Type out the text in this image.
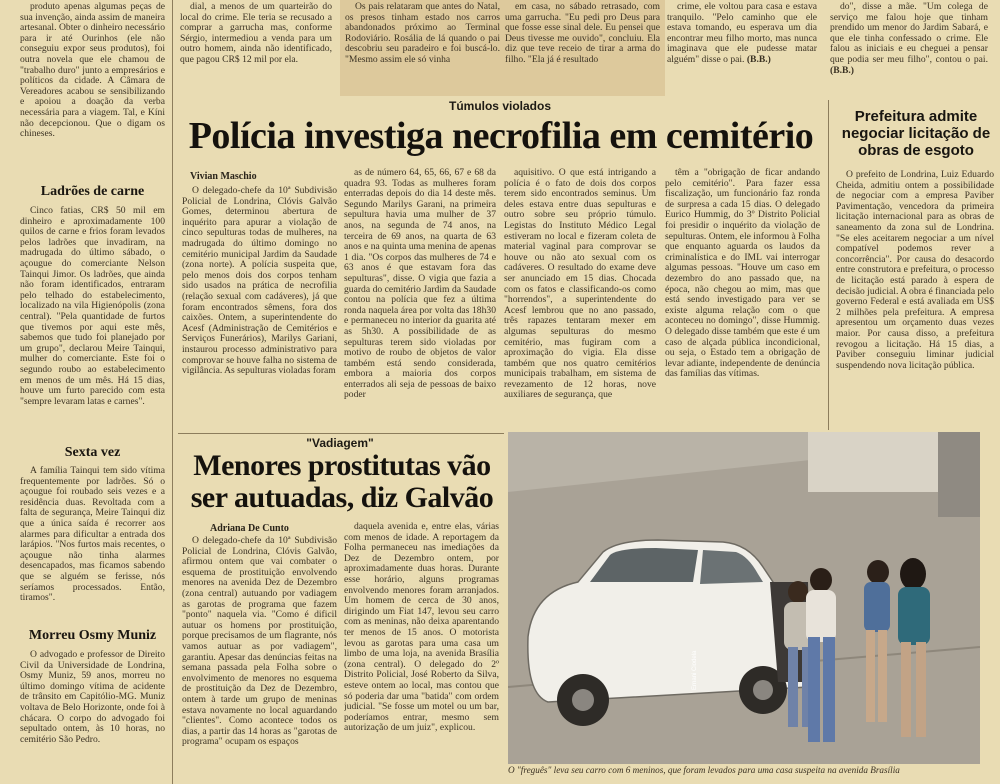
dial, a menos de um quarteirão do local do crime. Ele teria se recusado a comprar a garrucha mas, conforme Sérgio, intermediou a venda para um outro homem, ainda não identificado, que pagou CR$ 12 mil por ela.

Os pais relataram que antes do Natal, os presos tinham estado nos carros abandonados próximo ao Terminal Rodoviário. Rosália de lá quando o pai descobriu seu paradeiro e foi buscá-lo. "Mesmo assim ele só vinha

em casa, no sábado retrasado, com uma garrucha. "Eu pedi pro Deus para que fosse esse sinal dele. Eu pensei que Deus tivesse me ouvido", concluiu. Ela diz que teve receio de tirar a arma do filho. "Ela já é resultado

crime, ele voltou para casa e estava tranquilo. "Pelo caminho que ele estava tomando, eu esperava um dia encontrar meu filho morto, mas nunca imaginava que ele pudesse matar alguém" disse o pai. (B.B.)

do", disse a mãe. "Um colega de serviço me falou hoje que tinham prendido um menor do Jardim Sabará, e que ele tinha confessado o crime. Ele falou as iniciais e eu cheguei a pensar que podia ser meu filho", contou o pai. (B.B.)

produto apenas algumas peças de sua invenção, ainda assim de maneira artesanal. Obter o dinheiro necessário para ir até Ourinhos (ele não conseguiu expor seus produtos), foi outra novela que ele chamou de "trabalho duro" junto a empresários e políticos da cidade. A Câmara de Vereadores acabou se sensibilizando e apoiou a doação da verba necessária para a viagem. Tal, e Kíni não decepcionou. Que o digam os chineses.

Ladrões de carne

Cinco fatias, CR$ 50 mil em dinheiro e aproximadamente 100 quilos de carne e frios foram levados pelos ladrões que invadiram, na madrugada do último sábado, o açougue do comerciante Nelson Tainqui Jimor. Os ladrões, que ainda não foram identificados, entraram pelo telhado do estabelecimento, localizado na vila Higienópolis (zona central). "Pela quantidade de furtos que tivemos por aqui este mês, sabemos que tudo foi planejado por um grupo", declarou Meire Tainqui, mulher do comerciante. Este foi o segundo roubo ao estabelecimento em menos de um mês. Há 15 dias, houve um furto parecido com esta "sempre levaram latas e carnes".

Sexta vez

A família Tainqui tem sido vítima frequentemente por ladrões. Só o açougue foi roubado seis vezes e a residência duas. Revoltada com a falta de segurança, Meire Tainqui diz que a única saída é recorrer aos alarmes para dificultar a entrada dos larápios. "Nos furtos mais recentes, o açougue não tinha alarmes desencapados, mas ficamos sabendo que se alguém se ferisse, nós seríamos processados. Então, tiramos".

Morreu Osmy Muniz

O advogado e professor de Direito Civil da Universidade de Londrina, Osmy Muniz, 59 anos, morreu no último domingo vítima de acidente de trânsito em Capitólio-MG. Muniz voltava de Belo Horizonte, onde foi à chácara. O corpo do advogado foi sepultado ontem, às 10 horas, no cemitério São Pedro.

Túmulos violados
Polícia investiga necrofilia em cemitério
Vivian Maschio

O delegado-chefe da 10ª Subdivisão Policial de Londrina, Clóvis Galvão Gomes, determinou abertura de inquérito para apurar a violação de cinco sepulturas todas de mulheres, na madrugada do último domingo no cemitério municipal Jardim da Saudade (zona norte). A polícia suspeita que, pelo menos dois dos corpos tenham sido usados na prática de necrofilia (relação sexual com cadáveres), já que foram encontrados sêmens, fora dos caixões. Ontem, a superintendente do Acesf (Administração de Cemitérios e Serviços Funerários), Marilys Gariani, instaurou processo administrativo para comprovar se houve falha no sistema de vigilância. As sepulturas violadas foram

as de número 64, 65, 66, 67 e 68 da quadra 93. Todas as mulheres foram enterradas depois do dia 14 deste mês. Segundo Marilys Garani, na primeira sepultura havia uma mulher de 37 anos, na segunda de 74 anos, na terceira de 69 anos, na quarta de 63 anos e na quinta uma menina de apenas 1 dia. "Os corpos das mulheres de 74 e 63 anos é que estavam fora das sepulturas", disse. O vigia que fazia a guarda do cemitério Jardim da Saudade contou na polícia que fez a última ronda naquela área por volta das 18h30 e permaneceu no interior da guarita até as 5h30. A possibilidade de as sepulturas terem sido violadas por motivo de roubo de objetos de valor também está sendo considerada, embora a maioria dos corpos enterrados ali seja de pessoas de baixo poder

aquisitivo. O que está intrigando a polícia é o fato de dois dos corpos terem sido encontrados seminus. Um deles estava entre duas sepulturas e outro sobre seu próprio túmulo. Legistas do Instituto Médico Legal estiveram no local e fizeram coleta de material vaginal para comprovar se houve ou não ato sexual com os cadáveres. O resultado do exame deve ser anunciado em 15 dias. Chocada com os fatos e classificando-os como "horrendos", a superintendente do Acesf lembrou que no ano passado, três rapazes tentaram mexer em algumas sepulturas do mesmo cemitério, mas fugiram com a aproximação do vigia. Ela disse também que nos quatro cemitérios municipais trabalham, em sistema de revezamento de 12 horas, nove auxiliares de segurança, que

têm a "obrigação de ficar andando pelo cemitério". Para fazer essa fiscalização, um funcionário faz ronda de surpresa a cada 15 dias. O delegado Eurico Hummig, do 3º Distrito Policial foi presidir o inquérito da violação de sepulturas. Ontem, ele informou à Folha que enquanto aguarda os laudos da criminalística e do IML vai interrogar algumas pessoas. "Houve um caso em dezembro do ano passado que, na época, não chegou ao mim, mas que está sendo investigado para ver se existe alguma relação com o que aconteceu no domingo", disse Hummig. O delegado disse também que este é um caso de alçada pública incondicional, ou seja, o Estado tem a obrigação de levar adiante, independente de denúncia das famílias das vítimas.

Prefeitura admite negociar licitação de obras de esgoto

O prefeito de Londrina, Luiz Eduardo Cheida, admitiu ontem a possibilidade de negociar com a empresa Paviber Pavimentação, vencedora da primeira licitação internacional para as obras de saneamento da zona sul de Londrina. "Se eles aceitarem negociar a um nível compatível podemos rever a concorrência". Por causa do desacordo entre construtora e prefeitura, o processo de licitação está parado à espera de decisão judicial. A obra é financiada pelo governo Federal e está avaliada em US$ 2 milhões pela prefeitura. A empresa apresentou um orçamento duas vezes maior. Por causa disso, a prefeitura revogou a licitação. Há 15 dias, a Paviber conseguiu liminar judicial suspendendo nova licitação pública.

"Vadiagem"
Menores prostitutas vão ser autuadas, diz Galvão
Adriana De Cunto

O delegado-chefe da 10ª Subdivisão Policial de Londrina, Clóvis Galvão, afirmou ontem que vai combater o esquema de prostituição envolvendo menores na avenida Dez de Dezembro (zona central) autuando por vadiagem as garotas de programa que fazem "ponto" naquela via. "Como é dificil autuar os homens por prostituição, porque precisamos de um flagrante, nós vamos autuar as por vadiagem", garantiu. Apesar das denúncias feitas na semana passada pela Folha sobre o envolvimento de menores no esquema de prostituição da Dez de Dezembro, ontem à tarde um grupo de meninas estava novamente no local aguardando "clientes". Como acontece todos os dias, a partir das 14 horas as "garotas de programa" ocupam os espaços

daquela avenida e, entre elas, várias com menos de idade. A reportagem da Folha permaneceu nas imediações da Dez de Dezembro ontem, por aproximadamente duas horas. Durante esse horário, alguns programas envolvendo menores foram arranjados. Um homem de cerca de 30 anos, dirigindo um Fiat 147, levou seu carro com as meninas, não deixa aparentando ter menos de 15 anos. O motorista levou as garotas para uma casa um limbo de uma loja, na avenida Brasília (zona central). O delegado do 2º Distrito Policial, José Roberto da Silva, esteve ontem ao local, mas contou que só poderia dar uma "batida" com ordem judicial. "Se fosse um motel ou um bar, poderíamos entrar, mesmo sem autorização de um juiz", explicou.

Ernani Ciodela
O "freguês" leva seu carro com 6 meninos, que foram levados para uma casa suspeita na avenida Brasília
